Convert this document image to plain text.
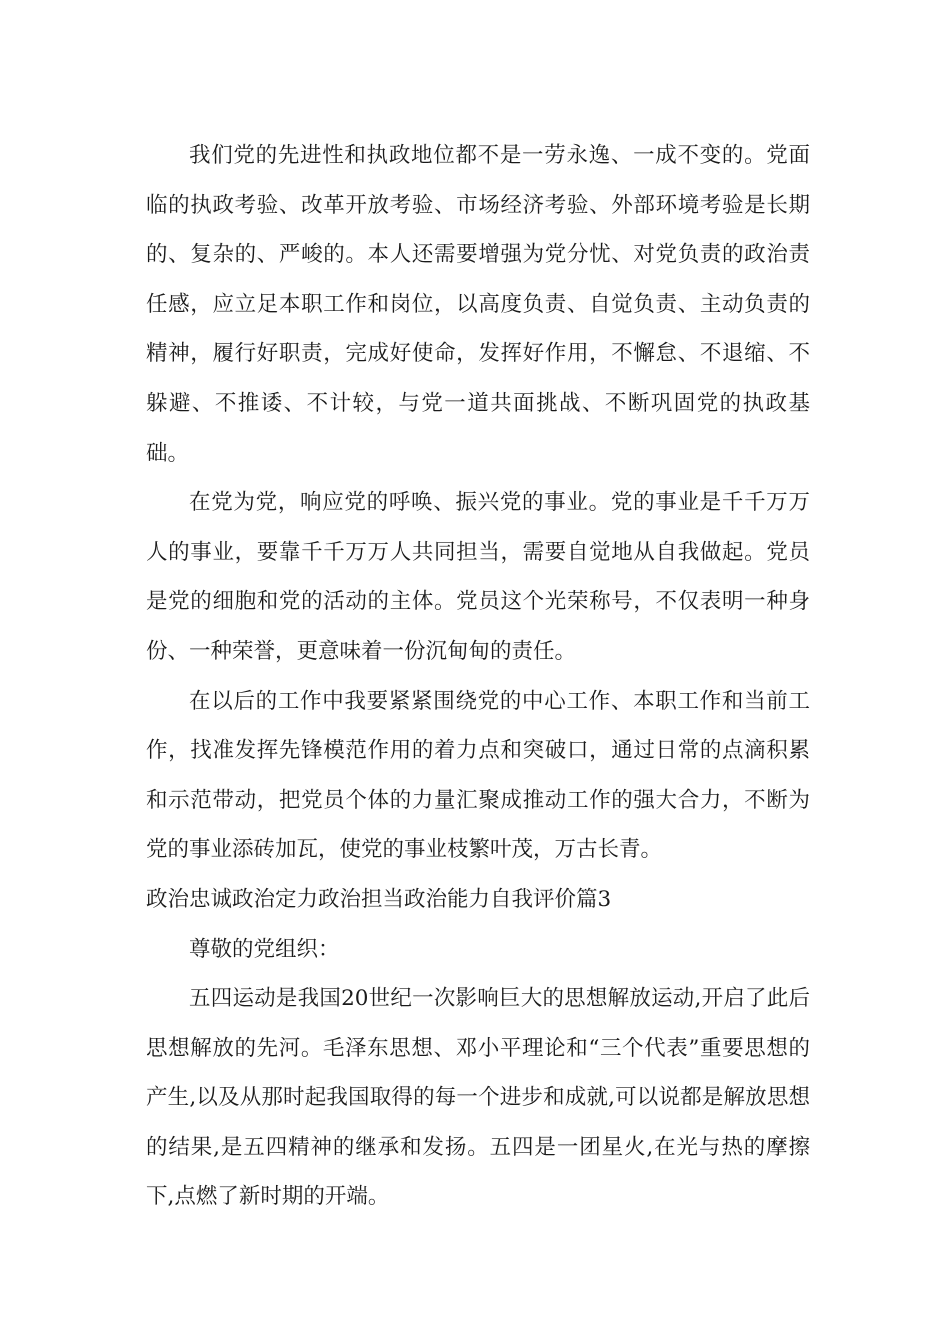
我们党的先进性和执政地位都不是一劳永逸、一成不变的。党面临的执政考验、改革开放考验、市场经济考验、外部环境考验是长期的、复杂的、严峻的。本人还需要增强为党分忧、对党负责的政治责任感，应立足本职工作和岗位，以高度负责、自觉负责、主动负责的精神，履行好职责，完成好使命，发挥好作用，不懈怠、不退缩、不躲避、不推诿、不计较，与党一道共面挑战、不断巩固党的执政基础。

在党为党，响应党的呼唤、振兴党的事业。党的事业是千千万万人的事业，要靠千千万万人共同担当，需要自觉地从自我做起。党员是党的细胞和党的活动的主体。党员这个光荣称号，不仅表明一种身份、一种荣誉，更意味着一份沉甸甸的责任。

在以后的工作中我要紧紧围绕党的中心工作、本职工作和当前工作，找准发挥先锋模范作用的着力点和突破口，通过日常的点滴积累和示范带动，把党员个体的力量汇聚成推动工作的强大合力，不断为党的事业添砖加瓦，使党的事业枝繁叶茂，万古长青。

政治忠诚政治定力政治担当政治能力自我评价篇3

尊敬的党组织：

五四运动是我国20世纪一次影响巨大的思想解放运动,开启了此后思想解放的先河。毛泽东思想、邓小平理论和“三个代表”重要思想的产生,以及从那时起我国取得的每一个进步和成就,可以说都是解放思想的结果,是五四精神的继承和发扬。五四是一团星火,在光与热的摩擦下,点燃了新时期的开端。
